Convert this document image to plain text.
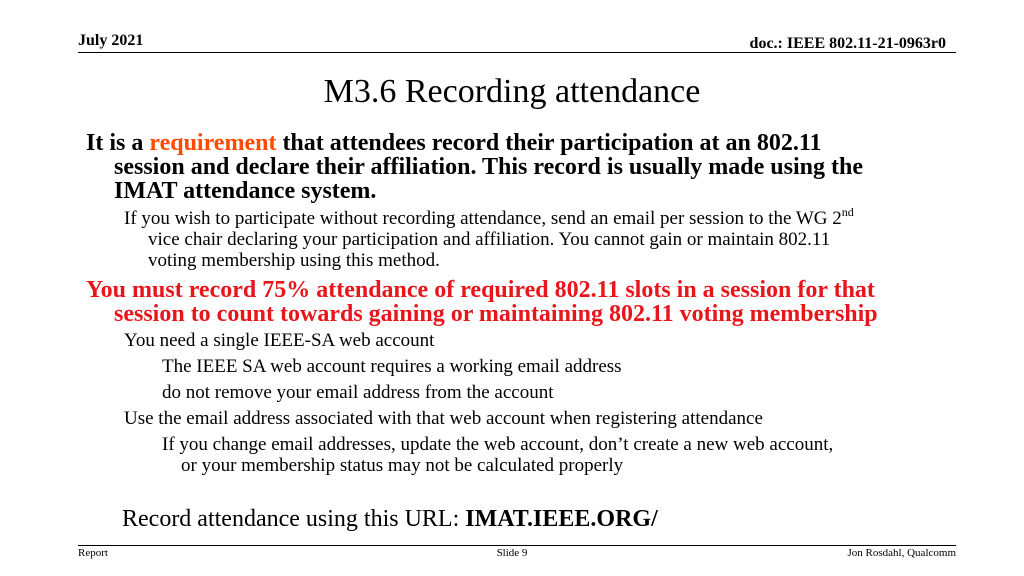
July 2021	doc.: IEEE 802.11-21-0963r0
M3.6 Recording attendance
It is a requirement that attendees record their participation at an 802.11
session and declare their affiliation. This record is usually made using the
IMAT attendance system.
If you wish to participate without recording attendance, send an email per session to the WG 2nd
vice chair declaring your participation and affiliation. You cannot gain or maintain 802.11
voting membership using this method.
You must record 75% attendance of required 802.11 slots in a session for that
session to count towards gaining or maintaining 802.11 voting membership
You need a single IEEE-SA web account
The IEEE SA web account requires a working email address
do not remove your email address from the account
Use the email address associated with that web account when registering attendance
If you change email addresses, update the web account, don’t create a new web account,
or your membership status may not be calculated properly
Record attendance using this URL: IMAT.IEEE.ORG/
Report	Slide 9	Jon Rosdahl, Qualcomm
